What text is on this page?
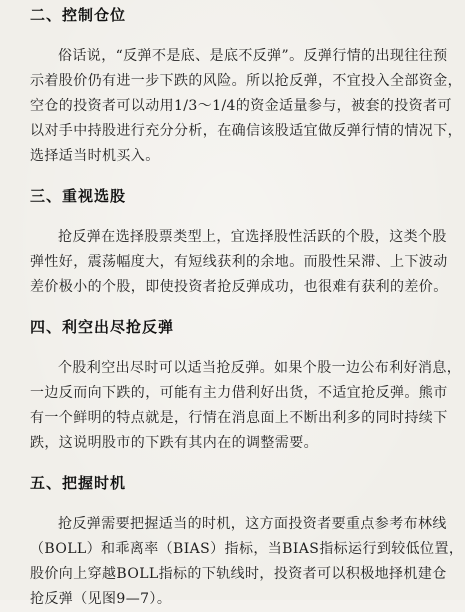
二、控制仓位

俗话说，“反弹不是底、是底不反弹”。反弹行情的出现往往预
示着股价仍有进一步下跌的风险。所以抢反弹，不宜投入全部资金，
空仓的投资者可以动用1/3～1/4的资金适量参与，被套的投资者可
以对手中持股进行充分分析，在确信该股适宜做反弹行情的情况下，
选择适当时机买入。

三、重视选股

抢反弹在选择股票类型上，宜选择股性活跃的个股，这类个股
弹性好，震荡幅度大，有短线获利的余地。而股性呆滞、上下波动
差价极小的个股，即使投资者抢反弹成功，也很难有获利的差价。

四、利空出尽抢反弹

个股利空出尽时可以适当抢反弹。如果个股一边公布利好消息，
一边反而向下跌的，可能有主力借利好出货，不适宜抢反弹。熊市
有一个鲜明的特点就是，行情在消息面上不断出利多的同时持续下
跌，这说明股市的下跌有其内在的调整需要。

五、把握时机

抢反弹需要把握适当的时机，这方面投资者要重点参考布林线
（BOLL）和乖离率（BIAS）指标，当BIAS指标运行到较低位置，
股价向上穿越BOLL指标的下轨线时，投资者可以积极地择机建仓
抢反弹（见图9—7）。
